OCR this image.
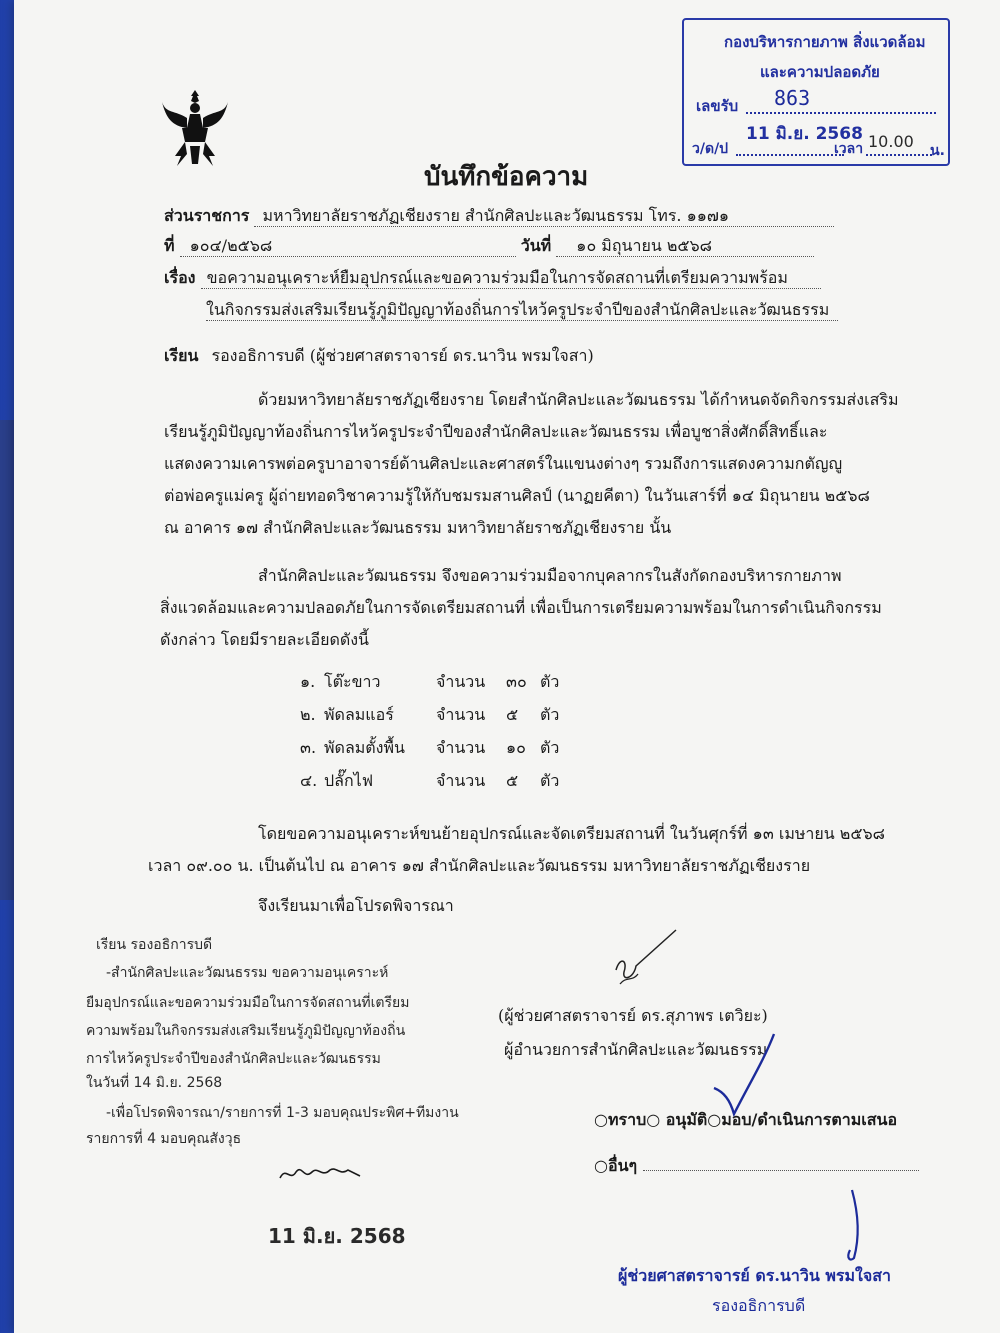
กองบริหารกายภาพ สิ่งแวดล้อม
และความปลอดภัย
เลขรับ 863
ว/ด/ป
11 มิ.ย. 2568
เวลา 10.00 น.
บันทึกข้อความ
ส่วนราชการ มหาวิทยาลัยราชภัฏเชียงราย สำนักศิลปะและวัฒนธรรม โทร. ๑๑๗๑
ที่ ๑๐๔/๒๕๖๘	วันที่ ๑๐ มิถุนายน ๒๕๖๘
เรื่อง ขอความอนุเคราะห์ยืมอุปกรณ์และขอความร่วมมือในการจัดสถานที่เตรียมความพร้อม
ในกิจกรรมส่งเสริมเรียนรู้ภูมิปัญญาท้องถิ่นการไหว้ครูประจำปีของสำนักศิลปะและวัฒนธรรม
เรียน รองอธิการบดี (ผู้ช่วยศาสตราจารย์ ดร.นาวิน พรมใจสา)
ด้วยมหาวิทยาลัยราชภัฏเชียงราย โดยสำนักศิลปะและวัฒนธรรม ได้กำหนดจัดกิจกรรมส่งเสริม
เรียนรู้ภูมิปัญญาท้องถิ่นการไหว้ครูประจำปีของสำนักศิลปะและวัฒนธรรม เพื่อบูชาสิ่งศักดิ์สิทธิ์และ
แสดงความเคารพต่อครูบาอาจารย์ด้านศิลปะและศาสตร์ในแขนงต่างๆ รวมถึงการแสดงความกตัญญู
ต่อพ่อครูแม่ครู ผู้ถ่ายทอดวิชาความรู้ให้กับชมรมสานศิลป์ (นาฏยคีตา) ในวันเสาร์ที่ ๑๔ มิถุนายน ๒๕๖๘
ณ อาคาร ๑๗ สำนักศิลปะและวัฒนธรรม มหาวิทยาลัยราชภัฏเชียงราย นั้น
สำนักศิลปะและวัฒนธรรม จึงขอความร่วมมือจากบุคลากรในสังกัดกองบริหารกายภาพ
สิ่งแวดล้อมและความปลอดภัยในการจัดเตรียมสถานที่ เพื่อเป็นการเตรียมความพร้อมในการดำเนินกิจกรรม
ดังกล่าว โดยมีรายละเอียดดังนี้
๑. โต๊ะขาว	จำนวน ๓๐ ตัว
๒. พัดลมแอร์	จำนวน ๕ ตัว
๓. พัดลมตั้งพื้น จำนวน ๑๐ ตัว
๔. ปลั๊กไฟ	จำนวน ๕ ตัว
โดยขอความอนุเคราะห์ขนย้ายอุปกรณ์และจัดเตรียมสถานที่ ในวันศุกร์ที่ ๑๓ เมษายน ๒๕๖๘
เวลา ๐๙.๐๐ น. เป็นต้นไป ณ อาคาร ๑๗ สำนักศิลปะและวัฒนธรรม มหาวิทยาลัยราชภัฏเชียงราย
จึงเรียนมาเพื่อโปรดพิจารณา
เรียน รองอธิการบดี
-สำนักศิลปะและวัฒนธรรม ขอความอนุเคราะห์
ยืมอุปกรณ์และขอความร่วมมือในการจัดสถานที่เตรียม
ความพร้อมในกิจกรรมส่งเสริมเรียนรู้ภูมิปัญญาท้องถิ่น
การไหว้ครูประจำปีของสำนักศิลปะและวัฒนธรรม
ในวันที่ 14 มิ.ย. 2568
-เพื่อโปรดพิจารณา/รายการที่ 1-3 มอบคุณประพิศ+ทีมงาน
รายการที่ 4 มอบคุณสังวุธ
11 มิ.ย. 2568
(ผู้ช่วยศาสตราจารย์ ดร.สุภาพร เตวิยะ)
ผู้อำนวยการสำนักศิลปะและวัฒนธรรม
○ทราบ○ อนุมัติ○มอบ/ดำเนินการตามเสนอ
○อื่นๆ
ผู้ช่วยศาสตราจารย์ ดร.นาวิน พรมใจสา
รองอธิการบดี
